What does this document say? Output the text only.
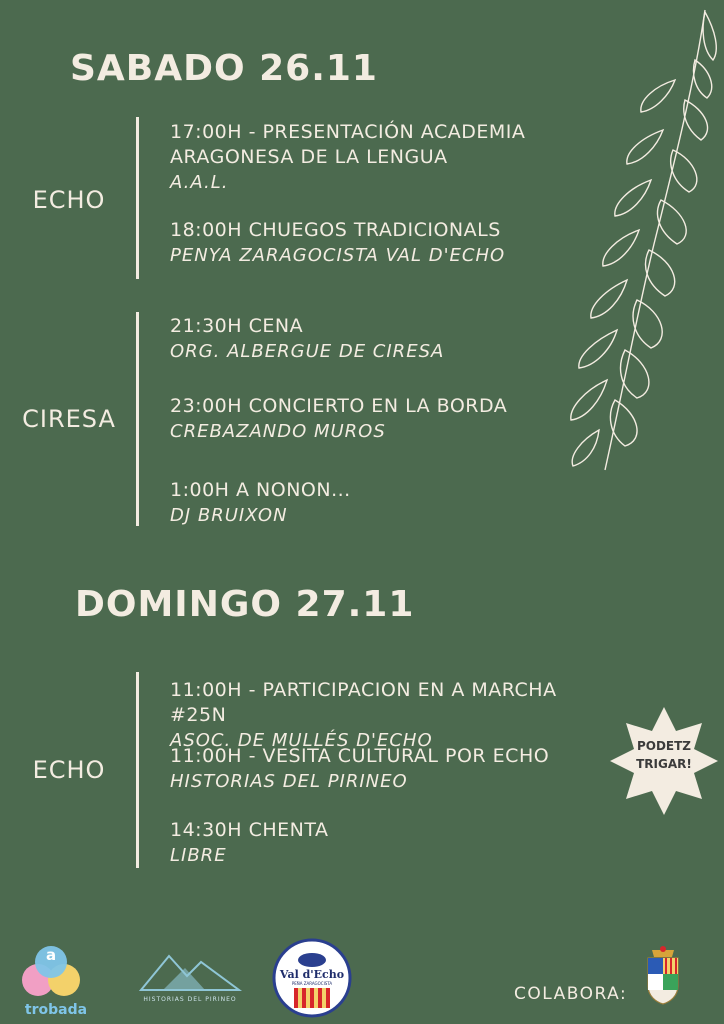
SABADO 26.11
ECHO
17:00H - PRESENTACIÓN ACADEMIA ARAGONESA DE LA LENGUA
A.A.L.
18:00H CHUEGOS TRADICIONALS
PENYA ZARAGOCISTA VAL D'ECHO
CIRESA
21:30H CENA
ORG. ALBERGUE DE CIRESA
23:00H CONCIERTO EN LA BORDA
CREBAZANDO MUROS
1:00H A NONON...
DJ BRUIXON
DOMINGO 27.11
ECHO
11:00H - PARTICIPACION EN A MARCHA #25N
ASOC. DE MULLÉS D'ECHO
11:00H - VESITA CULTURAL POR ECHO
HISTORIAS DEL PIRINEO
14:30H CHENTA
LIBRE
PODETZ
TRIGAR!
a
trobada
HISTORIAS DEL PIRINEO
Val d'Echo
PEÑA ZARAGOCISTA
COLABORA:
